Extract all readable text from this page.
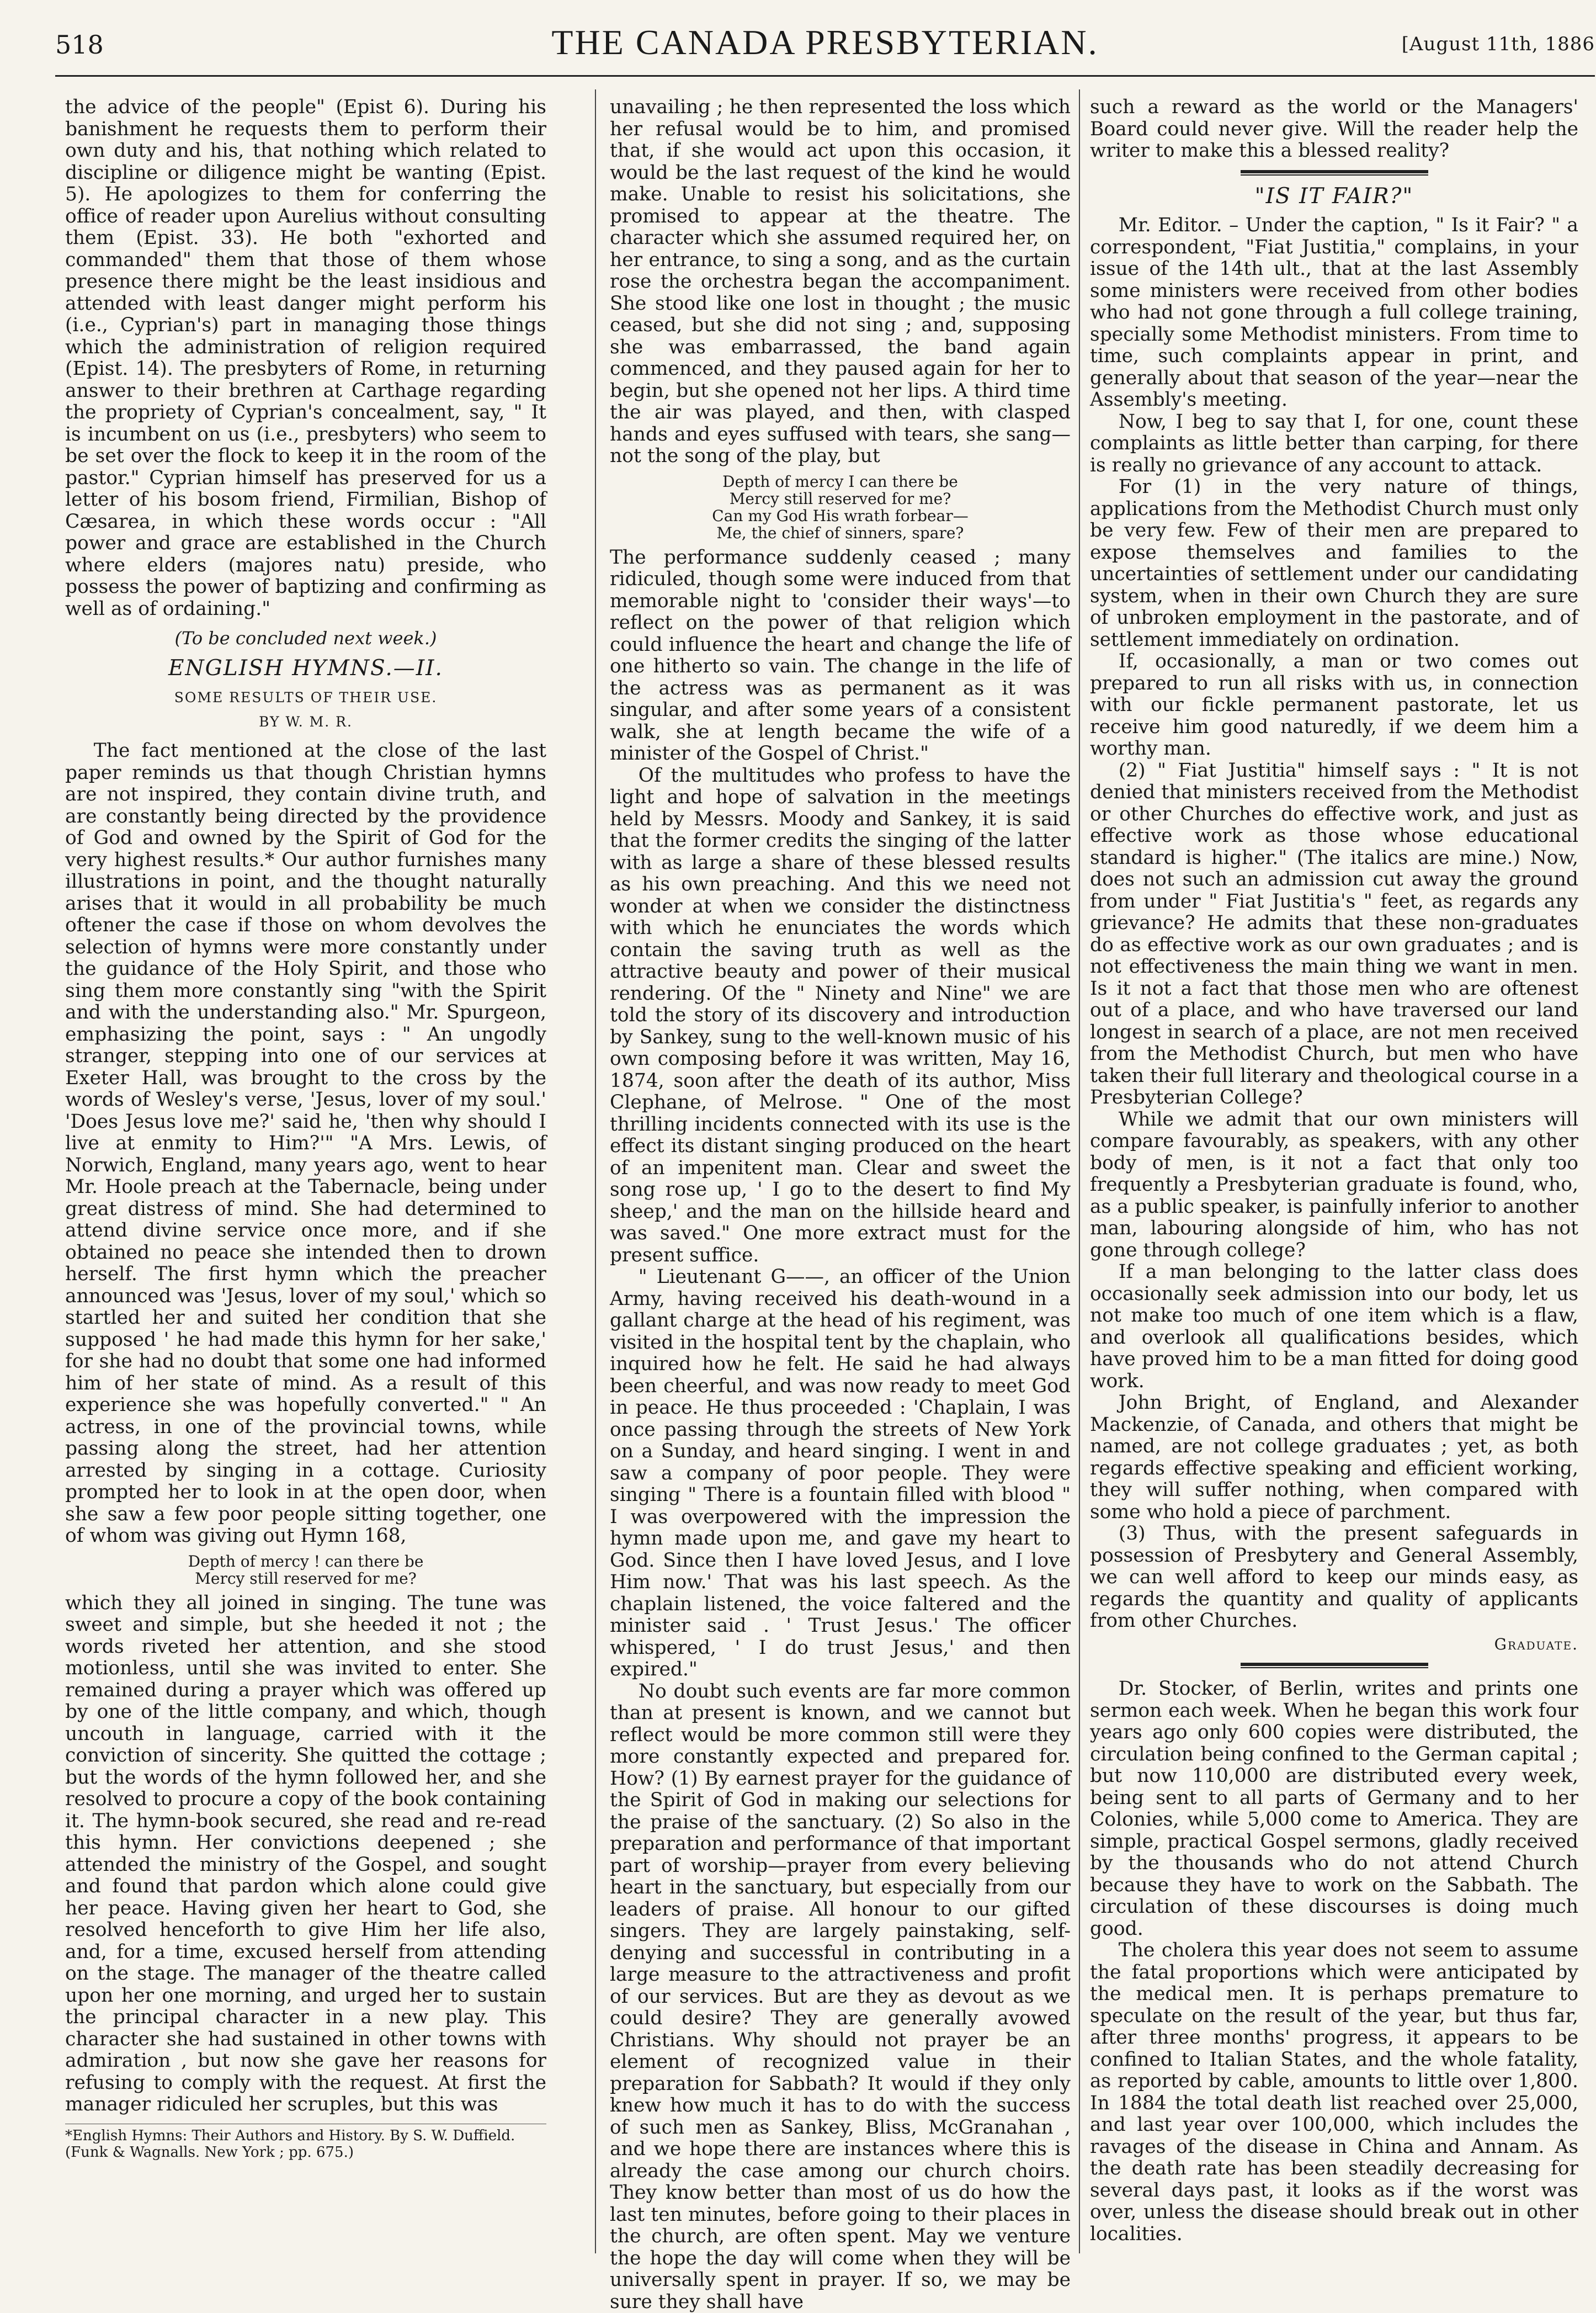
518	THE CANADA PRESBYTERIAN.	[August 11th, 1886

the advice of the people" (Epist 6). During his banishment he requests them to perform their own duty and his, that nothing which related to discipline or diligence might be wanting (Epist. 5). He apologizes to them for conferring the office of reader upon Aurelius without consulting them (Epist. 33). He both "exhorted and commanded" them that those of them whose presence there might be the least insidious and attended with least danger might perform his (i.e., Cyprian's) part in managing those things which the administration of religion required (Epist. 14). The presbyters of Rome, in returning answer to their brethren at Carthage regarding the propriety of Cyprian's concealment, say, " It is incumbent on us (i.e., presbyters) who seem to be set over the flock to keep it in the room of the pastor." Cyprian himself has preserved for us a letter of his bosom friend, Firmilian, Bishop of Cæsarea, in which these words occur : "All power and grace are established in the Church where elders (majores natu) preside, who possess the power of baptizing and confirming as well as of ordaining."

(To be concluded next week.)
ENGLISH HYMNS.—II.
SOME RESULTS OF THEIR USE.
BY W. M. R.

The fact mentioned at the close of the last paper reminds us that though Christian hymns are not inspired, they contain divine truth, and are constantly being directed by the providence of God and owned by the Spirit of God for the very highest results.* Our author furnishes many illustrations in point, and the thought naturally arises that it would in all probability be much oftener the case if those on whom devolves the selection of hymns were more constantly under the guidance of the Holy Spirit, and those who sing them more constantly sing "with the Spirit and with the understanding also." Mr. Spurgeon, emphasizing the point, says : " An ungodly stranger, stepping into one of our services at Exeter Hall, was brought to the cross by the words of Wesley's verse, 'Jesus, lover of my soul.' 'Does Jesus love me?' said he, 'then why should I live at enmity to Him?'" "A Mrs. Lewis, of Norwich, England, many years ago, went to hear Mr. Hoole preach at the Tabernacle, being under great distress of mind. She had determined to attend divine service once more, and if she obtained no peace she intended then to drown herself. The first hymn which the preacher announced was 'Jesus, lover of my soul,' which so startled her and suited her condition that she supposed ' he had made this hymn for her sake,' for she had no doubt that some one had informed him of her state of mind. As a result of this experience she was hopefully converted." " An actress, in one of the provincial towns, while passing along the street, had her attention arrested by singing in a cottage. Curiosity prompted her to look in at the open door, when she saw a few poor people sitting together, one of whom was giving out Hymn 168,

Depth of mercy ! can there be
Mercy still reserved for me?

which they all joined in singing. The tune was sweet and simple, but she heeded it not ; the words riveted her attention, and she stood motionless, until she was invited to enter. She remained during a prayer which was offered up by one of the little company, and which, though uncouth in language, carried with it the conviction of sincerity. She quitted the cottage ; but the words of the hymn followed her, and she resolved to procure a copy of the book containing it. The hymn-book secured, she read and re-read this hymn. Her convictions deepened ; she attended the ministry of the Gospel, and sought and found that pardon which alone could give her peace. Having given her heart to God, she resolved henceforth to give Him her life also, and, for a time, excused herself from attending on the stage. The manager of the theatre called upon her one morning, and urged her to sustain the principal character in a new play. This character she had sustained in other towns with admiration , but now she gave her reasons for refusing to comply with the request. At first the manager ridiculed her scruples, but this was

*English Hymns: Their Authors and History. By S. W. Duffield. (Funk & Wagnalls. New York ; pp. 675.)

unavailing ; he then represented the loss which her refusal would be to him, and promised that, if she would act upon this occasion, it would be the last request of the kind he would make. Unable to resist his solicitations, she promised to appear at the theatre. The character which she assumed required her, on her entrance, to sing a song, and as the curtain rose the orchestra began the accompaniment. She stood like one lost in thought ; the music ceased, but she did not sing ; and, supposing she was embarrassed, the band again commenced, and they paused again for her to begin, but she opened not her lips. A third time the air was played, and then, with clasped hands and eyes suffused with tears, she sang—not the song of the play, but

Depth of mercy I can there be
Mercy still reserved for me?
Can my God His wrath forbear—
Me, the chief of sinners, spare?

The performance suddenly ceased ; many ridiculed, though some were induced from that memorable night to 'consider their ways'—to reflect on the power of that religion which could influence the heart and change the life of one hitherto so vain. The change in the life of the actress was as permanent as it was singular, and after some years of a consistent walk, she at length became the wife of a minister of the Gospel of Christ."

Of the multitudes who profess to have the light and hope of salvation in the meetings held by Messrs. Moody and Sankey, it is said that the former credits the singing of the latter with as large a share of these blessed results as his own preaching. And this we need not wonder at when we consider the distinctness with which he enunciates the words which contain the saving truth as well as the attractive beauty and power of their musical rendering. Of the " Ninety and Nine" we are told the story of its discovery and introduction by Sankey, sung to the well-known music of his own composing before it was written, May 16, 1874, soon after the death of its author, Miss Clephane, of Melrose. " One of the most thrilling incidents connected with its use is the effect its distant singing produced on the heart of an impenitent man. Clear and sweet the song rose up, ' I go to the desert to find My sheep,' and the man on the hillside heard and was saved." One more extract must for the present suffice.

" Lieutenant G——, an officer of the Union Army, having received his death-wound in a gallant charge at the head of his regiment, was visited in the hospital tent by the chaplain, who inquired how he felt. He said he had always been cheerful, and was now ready to meet God in peace. He thus proceeded : 'Chaplain, I was once passing through the streets of New York on a Sunday, and heard singing. I went in and saw a company of poor people. They were singing " There is a fountain filled with blood " I was overpowered with the impression the hymn made upon me, and gave my heart to God. Since then I have loved Jesus, and I love Him now.' That was his last speech. As the chaplain listened, the voice faltered and the minister said . ' Trust Jesus.' The officer whispered, ' I do trust Jesus,' and then expired."

No doubt such events are far more common than at present is known, and we cannot but reflect would be more common still were they more constantly expected and prepared for. How? (1) By earnest prayer for the guidance of the Spirit of God in making our selections for the praise of the sanctuary. (2) So also in the preparation and performance of that important part of worship—prayer from every believing heart in the sanctuary, but especially from our leaders of praise. All honour to our gifted singers. They are largely painstaking, self-denying and successful in contributing in a large measure to the attractiveness and profit of our services. But are they as devout as we could desire? They are generally avowed Christians. Why should not prayer be an element of recognized value in their preparation for Sabbath? It would if they only knew how much it has to do with the success of such men as Sankey, Bliss, McGranahan , and we hope there are instances where this is already the case among our church choirs. They know better than most of us do how the last ten minutes, before going to their places in the church, are often spent. May we venture the hope the day will come when they will be universally spent in prayer. If so, we may be sure they shall have

such a reward as the world or the Managers' Board could never give. Will the reader help the writer to make this a blessed reality?

"IS IT FAIR?"

Mr. Editor. – Under the caption, " Is it Fair? " a correspondent, "Fiat Justitia," complains, in your issue of the 14th ult., that at the last Assembly some ministers were received from other bodies who had not gone through a full college training, specially some Methodist ministers. From time to time, such complaints appear in print, and generally about that season of the year—near the Assembly's meeting.

Now, I beg to say that I, for one, count these complaints as little better than carping, for there is really no grievance of any account to attack.

For (1) in the very nature of things, applications from the Methodist Church must only be very few. Few of their men are prepared to expose themselves and families to the uncertainties of settlement under our candidating system, when in their own Church they are sure of unbroken employment in the pastorate, and of settlement immediately on ordination.

If, occasionally, a man or two comes out prepared to run all risks with us, in connection with our fickle permanent pastorate, let us receive him good naturedly, if we deem him a worthy man.

(2) " Fiat Justitia" himself says : " It is not denied that ministers received from the Methodist or other Churches do effective work, and just as effective work as those whose educational standard is higher." (The italics are mine.) Now, does not such an admission cut away the ground from under " Fiat Justitia's " feet, as regards any grievance? He admits that these non-graduates do as effective work as our own graduates ; and is not effectiveness the main thing we want in men. Is it not a fact that those men who are oftenest out of a place, and who have traversed our land longest in search of a place, are not men received from the Methodist Church, but men who have taken their full literary and theological course in a Presbyterian College?

While we admit that our own ministers will compare favourably, as speakers, with any other body of men, is it not a fact that only too frequently a Presbyterian graduate is found, who, as a public speaker, is painfully inferior to another man, labouring alongside of him, who has not gone through college?

If a man belonging to the latter class does occasionally seek admission into our body, let us not make too much of one item which is a flaw, and overlook all qualifications besides, which have proved him to be a man fitted for doing good work.

John Bright, of England, and Alexander Mackenzie, of Canada, and others that might be named, are not college graduates ; yet, as both regards effective speaking and efficient working, they will suffer nothing, when compared with some who hold a piece of parchment.

(3) Thus, with the present safeguards in possession of Presbytery and General Assembly, we can well afford to keep our minds easy, as regards the quantity and quality of applicants from other Churches.

Graduate.

Dr. Stocker, of Berlin, writes and prints one sermon each week. When he began this work four years ago only 600 copies were distributed, the circulation being confined to the German capital ; but now 110,000 are distributed every week, being sent to all parts of Germany and to her Colonies, while 5,000 come to America. They are simple, practical Gospel sermons, gladly received by the thousands who do not attend Church because they have to work on the Sabbath. The circulation of these discourses is doing much good.

The cholera this year does not seem to assume the fatal proportions which were anticipated by the medical men. It is perhaps premature to speculate on the result of the year, but thus far, after three months' progress, it appears to be confined to Italian States, and the whole fatality, as reported by cable, amounts to little over 1,800. In 1884 the total death list reached over 25,000, and last year over 100,000, which includes the ravages of the disease in China and Annam. As the death rate has been steadily decreasing for several days past, it looks as if the worst was over, unless the disease should break out in other localities.
